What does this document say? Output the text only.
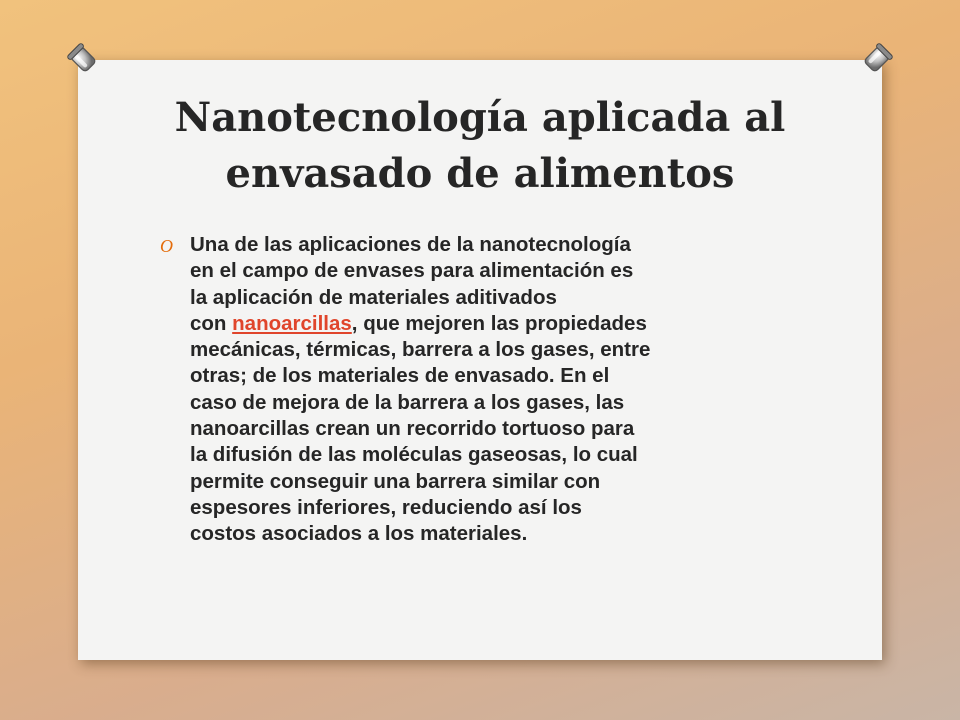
Nanotecnología aplicada al
envasado de alimentos
O Una de las aplicaciones de la nanotecnología
en el campo de envases para alimentación es
la aplicación de materiales aditivados
con nanoarcillas, que mejoren las propiedades
mecánicas, térmicas, barrera a los gases, entre
otras; de los materiales de envasado. En el
caso de mejora de la barrera a los gases, las
nanoarcillas crean un recorrido tortuoso para
la difusión de las moléculas gaseosas, lo cual
permite conseguir una barrera similar con
espesores inferiores, reduciendo así los
costos asociados a los materiales.
